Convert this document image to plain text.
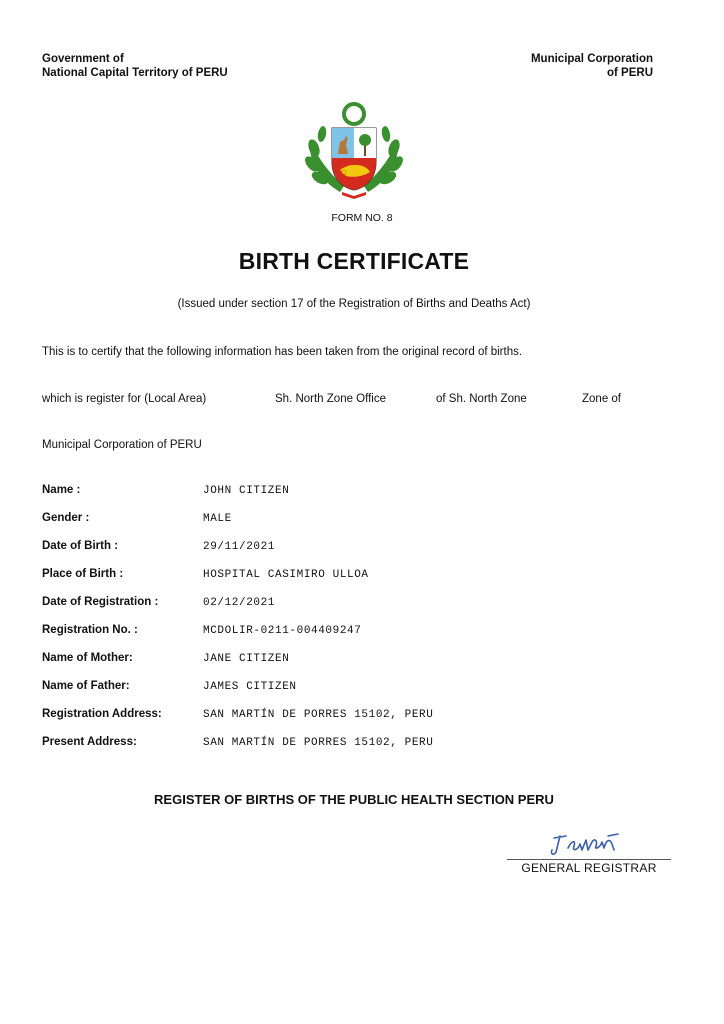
Government of
National Capital Territory of PERU
Municipal Corporation
of PERU
FORM NO. 8
BIRTH CERTIFICATE
(Issued under section 17 of the Registration of Births and Deaths Act)
This is to certify that the following information has been taken from the original record of births.
which is register for (Local Area)	Sh. North Zone Office	of Sh. North Zone	Zone of
Municipal Corporation of PERU
Name :	JOHN CITIZEN
Gender :	MALE
Date of Birth :	29/11/2021
Place of Birth :	HOSPITAL CASIMIRO ULLOA
Date of Registration :	02/12/2021
Registration No. :	MCDOLIR-0211-004409247
Name of Mother:	JANE CITIZEN
Name of Father:	JAMES CITIZEN
Registration Address:	SAN MARTÍN DE PORRES 15102, PERU
Present Address:	SAN MARTÍN DE PORRES 15102, PERU
REGISTER OF BIRTHS OF THE PUBLIC HEALTH SECTION PERU
GENERAL REGISTRAR
